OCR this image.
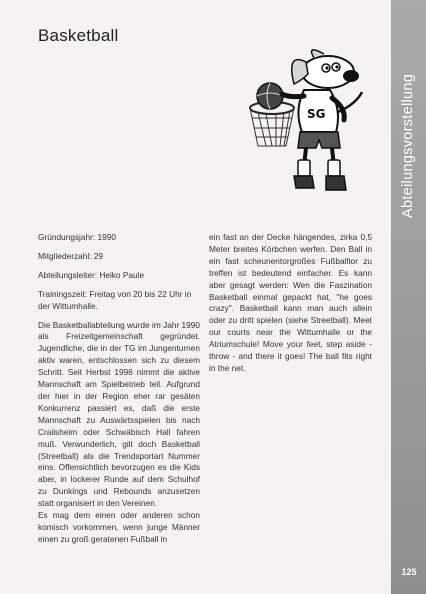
Basketball
SG	Abteilungsvorstellung
125

Gründungsjahr: 1990

Mitgliederzahl: 29

Abteilungsleiter: Heiko Paule

Trainingszeit: Freitag von 20 bis 22 Uhr in der Wittumhalle.

Die Basketballabteilung wurde im Jahr 1990 als Freizeitgemeinschaft gegründet. Jugendliche, die in der TG im Jungenturnen aktiv waren, entschlossen sich zu diesem Schritt. Seit Herbst 1996 nimmt die aktive Mannschaft am Spielbetrieb teil. Aufgrund der hier in der Region eher rar gesäten Konkurrenz passiert es, daß die erste Mannschaft zu Auswärtsspielen bis nach Crailsheim oder Schwäbisch Hall fahren muß. Verwunderlich, gilt doch Basketball (Streetball) als die Trendsportart Nummer eins. Offensichtlich bevorzugen es die Kids aber, in lockerer Runde auf dem Schulhof zu Dunkings und Rebounds anzusetzen statt organisiert in den Vereinen.

Es mag dem einen oder anderen schon komisch vorkommen, wenn junge Männer einen zu groß geratenen Fußball in

ein fast an der Decke hängendes, zirka 0,5 Meter breites Körbchen werfen. Den Ball in ein fast scheunentorgroßes Fußballtor zu treffen ist bedeutend einfacher. Es kann aber gesagt werden: Wen die Faszination Basketball einmal gepackt hat, "he goes crazy". Basketball kann man auch allein oder zu dritt spielen (siehe Streetball). Meet our courts near the Wittumhalle or the Atriumschule! Move your feet, step aside - throw - and there it goes! The ball fits right in the net.
